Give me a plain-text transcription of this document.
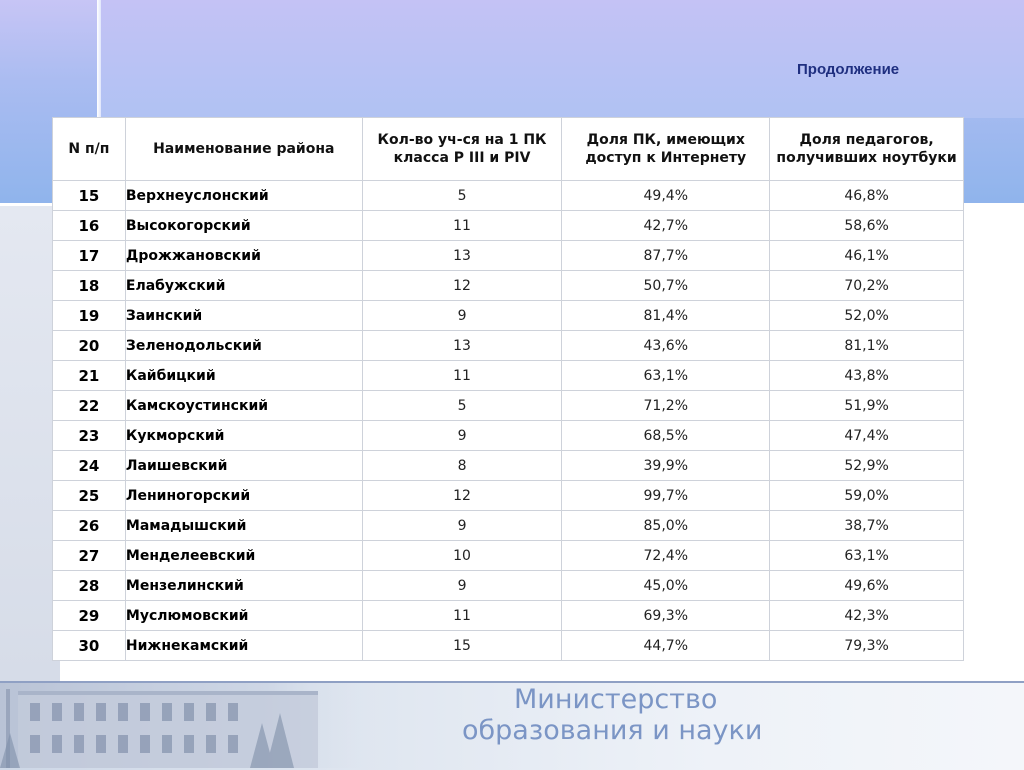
Продолжение
N п/п	Наименование района	Кол-во уч-ся на 1 ПК класса P III и PIV	Доля ПК, имеющих доступ к Интернету	Доля педагогов, получивших ноутбуки
15	Верхнеуслонский	5	49,4%	46,8%
16	Высокогорский	11	42,7%	58,6%
17	Дрожжановский	13	87,7%	46,1%
18	Елабужский	12	50,7%	70,2%
19	Заинский	9	81,4%	52,0%
20	Зеленодольский	13	43,6%	81,1%
21	Кайбицкий	11	63,1%	43,8%
22	Камскоустинский	5	71,2%	51,9%
23	Кукморский	9	68,5%	47,4%
24	Лаишевский	8	39,9%	52,9%
25	Лениногорский	12	99,7%	59,0%
26	Мамадышский	9	85,0%	38,7%
27	Менделеевский	10	72,4%	63,1%
28	Мензелинский	9	45,0%	49,6%
29	Муслюмовский	11	69,3%	42,3%
30	Нижнекамский	15	44,7%	79,3%
Министерство
образования и науки
